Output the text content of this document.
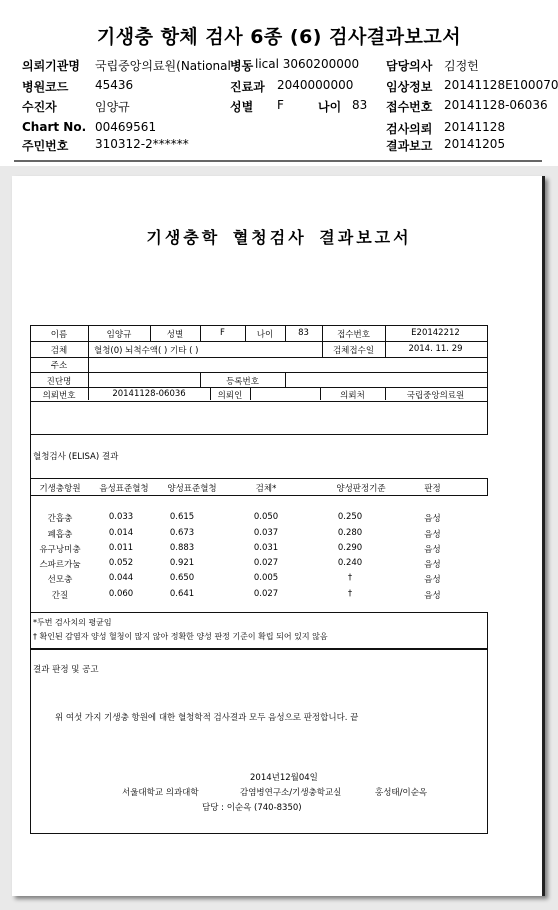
기생충 항체 검사 6종 (6) 검사결과보고서
의뢰기관명 국립중앙의료원(National 병동 lical 3060200000 담당의사 김정헌
병원코드 45436	진료과 2040000000	임상정보 20141128E100070
수진자	임양규	성별 F	나이 83 접수번호 20141128-06036
Chart No. 00469561	검사의뢰 20141128
주민번호 310312-2******	결과보고 20141205
기생충학 혈청검사 결과보고서
이름	임양규	성별	F	나이	83	접수번호	E20142212
검체	혈청(0) 뇌척수액( ) 기타 ( )	검체접수일	2014. 11. 29
주소
진단명	등록번호
의뢰번호	20141128-06036	의뢰인	의뢰처	국립중앙의료원
혈청검사 (ELISA) 결과
기생충항원	음성표준혈청	양성표준혈청	검체*	양성판정기준	판정
간흡충	0.033	0.615	0.050	0.250	음성
폐흡충	0.014	0.673	0.037	0.280	음성
유구낭미충	0.011	0.883	0.031	0.290	음성
스파르가눔	0.052	0.921	0.027	0.240	음성
선모충	0.044	0.650	0.005	†	음성
간질	0.060	0.641	0.027	†	음성
*두번 검사치의 평균임
† 확인된 감염자 양성 혈청이 많지 않아 정확한 양성 판정 기준이 확립 되어 있지 않음
결과 판정 및 공고
위 여섯 가지 기생충 항원에 대한 혈청학적 검사결과 모두 음성으로 판정합니다. 끝
2014년12월04일
서울대학교 의과대학	감염병연구소/기생충학교실	홍성태/이순옥
담당 : 이순옥 (740-8350)
